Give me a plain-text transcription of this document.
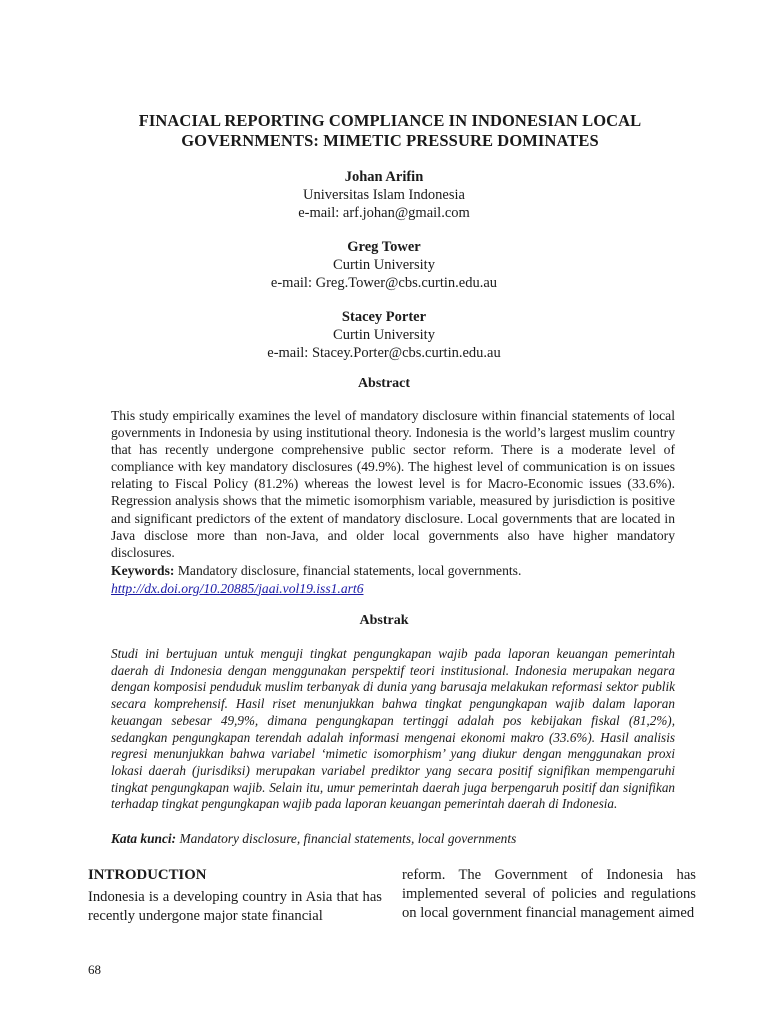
FINACIAL REPORTING COMPLIANCE IN INDONESIAN LOCAL
GOVERNMENTS: MIMETIC PRESSURE DOMINATES
Johan Arifin
Universitas Islam Indonesia
e-mail: arf.johan@gmail.com
Greg Tower
Curtin University
e-mail: Greg.Tower@cbs.curtin.edu.au
Stacey Porter
Curtin University
e-mail: Stacey.Porter@cbs.curtin.edu.au
Abstract

This study empirically examines the level of mandatory disclosure within financial statements of local governments in Indonesia by using institutional theory. Indonesia is the world’s largest muslim country that has recently undergone comprehensive public sector reform. There is a moderate level of compliance with key mandatory disclosures (49.9%). The highest level of communication is on issues relating to Fiscal Policy (81.2%) whereas the lowest level is for Macro-Economic issues (33.6%). Regression analysis shows that the mimetic isomorphism variable, measured by jurisdiction is positive and significant predictors of the extent of mandatory disclosure. Local governments that are located in Java disclose more than non-Java, and older local governments also have higher mandatory disclosures.

Keywords: Mandatory disclosure, financial statements, local governments.
http://dx.doi.org/10.20885/jaai.vol19.iss1.art6
Abstrak

Studi ini bertujuan untuk menguji tingkat pengungkapan wajib pada laporan keuangan pemerintah daerah di Indonesia dengan menggunakan perspektif teori institusional. Indonesia merupakan negara dengan komposisi penduduk muslim terbanyak di dunia yang barusaja melakukan reformasi sektor publik secara komprehensif. Hasil riset menunjukkan bahwa tingkat pengungkapan wajib dalam laporan keuangan sebesar 49,9%, dimana pengungkapan tertinggi adalah pos kebijakan fiskal (81,2%), sedangkan pengungkapan terendah adalah informasi mengenai ekonomi makro (33.6%). Hasil analisis regresi menunjukkan bahwa variabel ‘mimetic isomorphism’ yang diukur dengan menggunakan proxi lokasi daerah (jurisdiksi) merupakan variabel prediktor yang secara positif signifikan mempengaruhi tingkat pengungkapan wajib. Selain itu, umur pemerintah daerah juga berpengaruh positif dan signifikan terhadap tingkat pengungkapan wajib pada laporan keuangan pemerintah daerah di Indonesia.

Kata kunci: Mandatory disclosure, financial statements, local governments
INTRODUCTION

Indonesia is a developing country in Asia that has recently undergone major state financial

reform. The Government of Indonesia has implemented several of policies and regulations on local government financial management aimed

68
